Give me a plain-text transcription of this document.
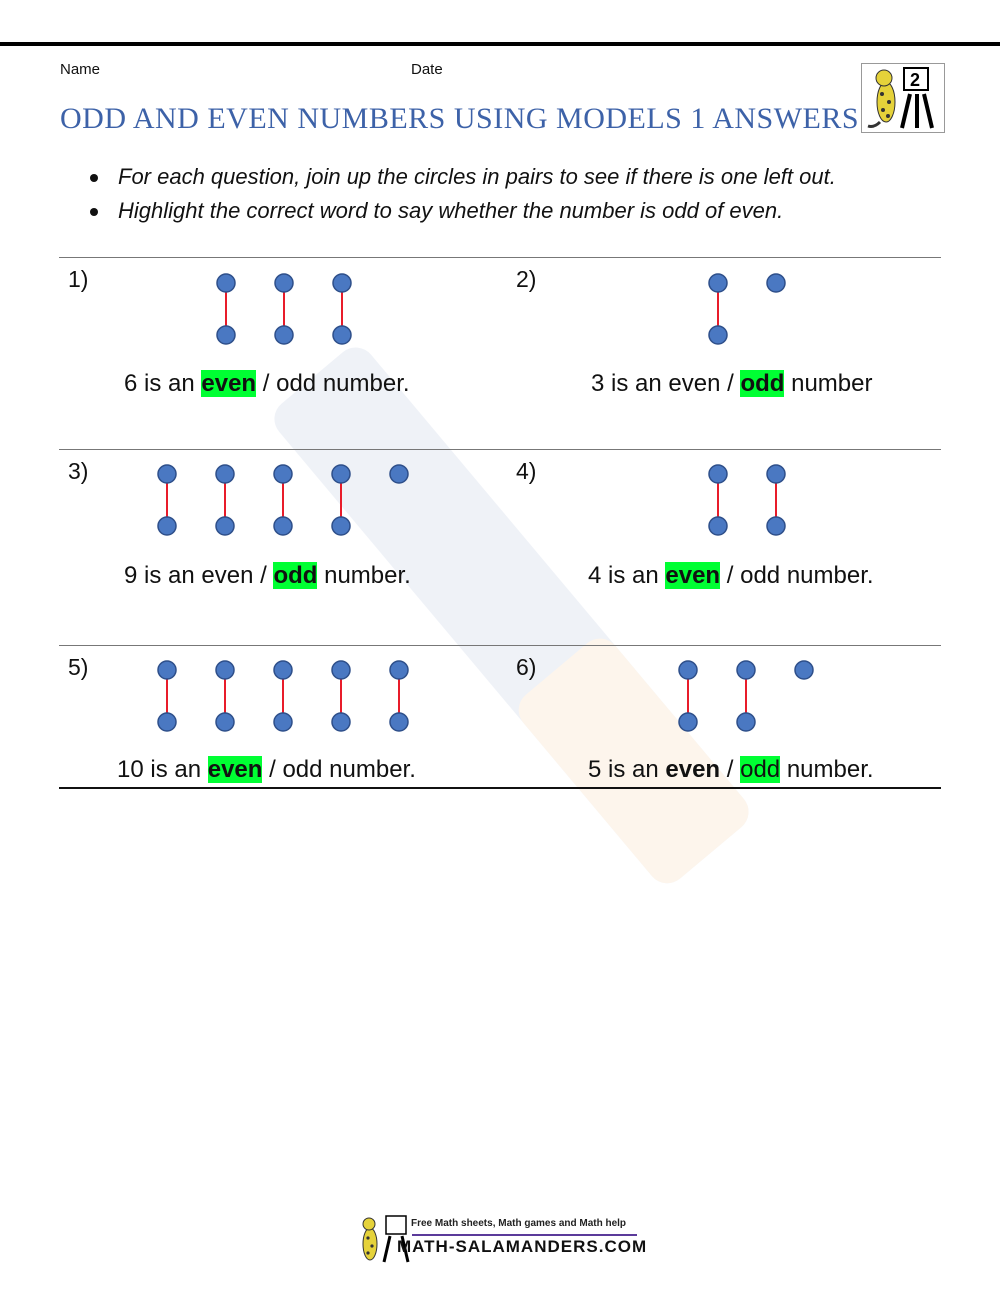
Name	Date
ODD AND EVEN NUMBERS USING MODELS 1 ANSWERS
2
For each question, join up the circles in pairs to see if there is one left out.
Highlight the correct word to say whether the number is odd of even.
1)
6 is an even / odd number.
2)
3 is an even / odd number
3)
9 is an even / odd number.
4)
4 is an even / odd number.
5)
10 is an even / odd number.
6)
5 is an even / odd number.
Free Math sheets, Math games and Math help
MATH-SALAMANDERS.COM
